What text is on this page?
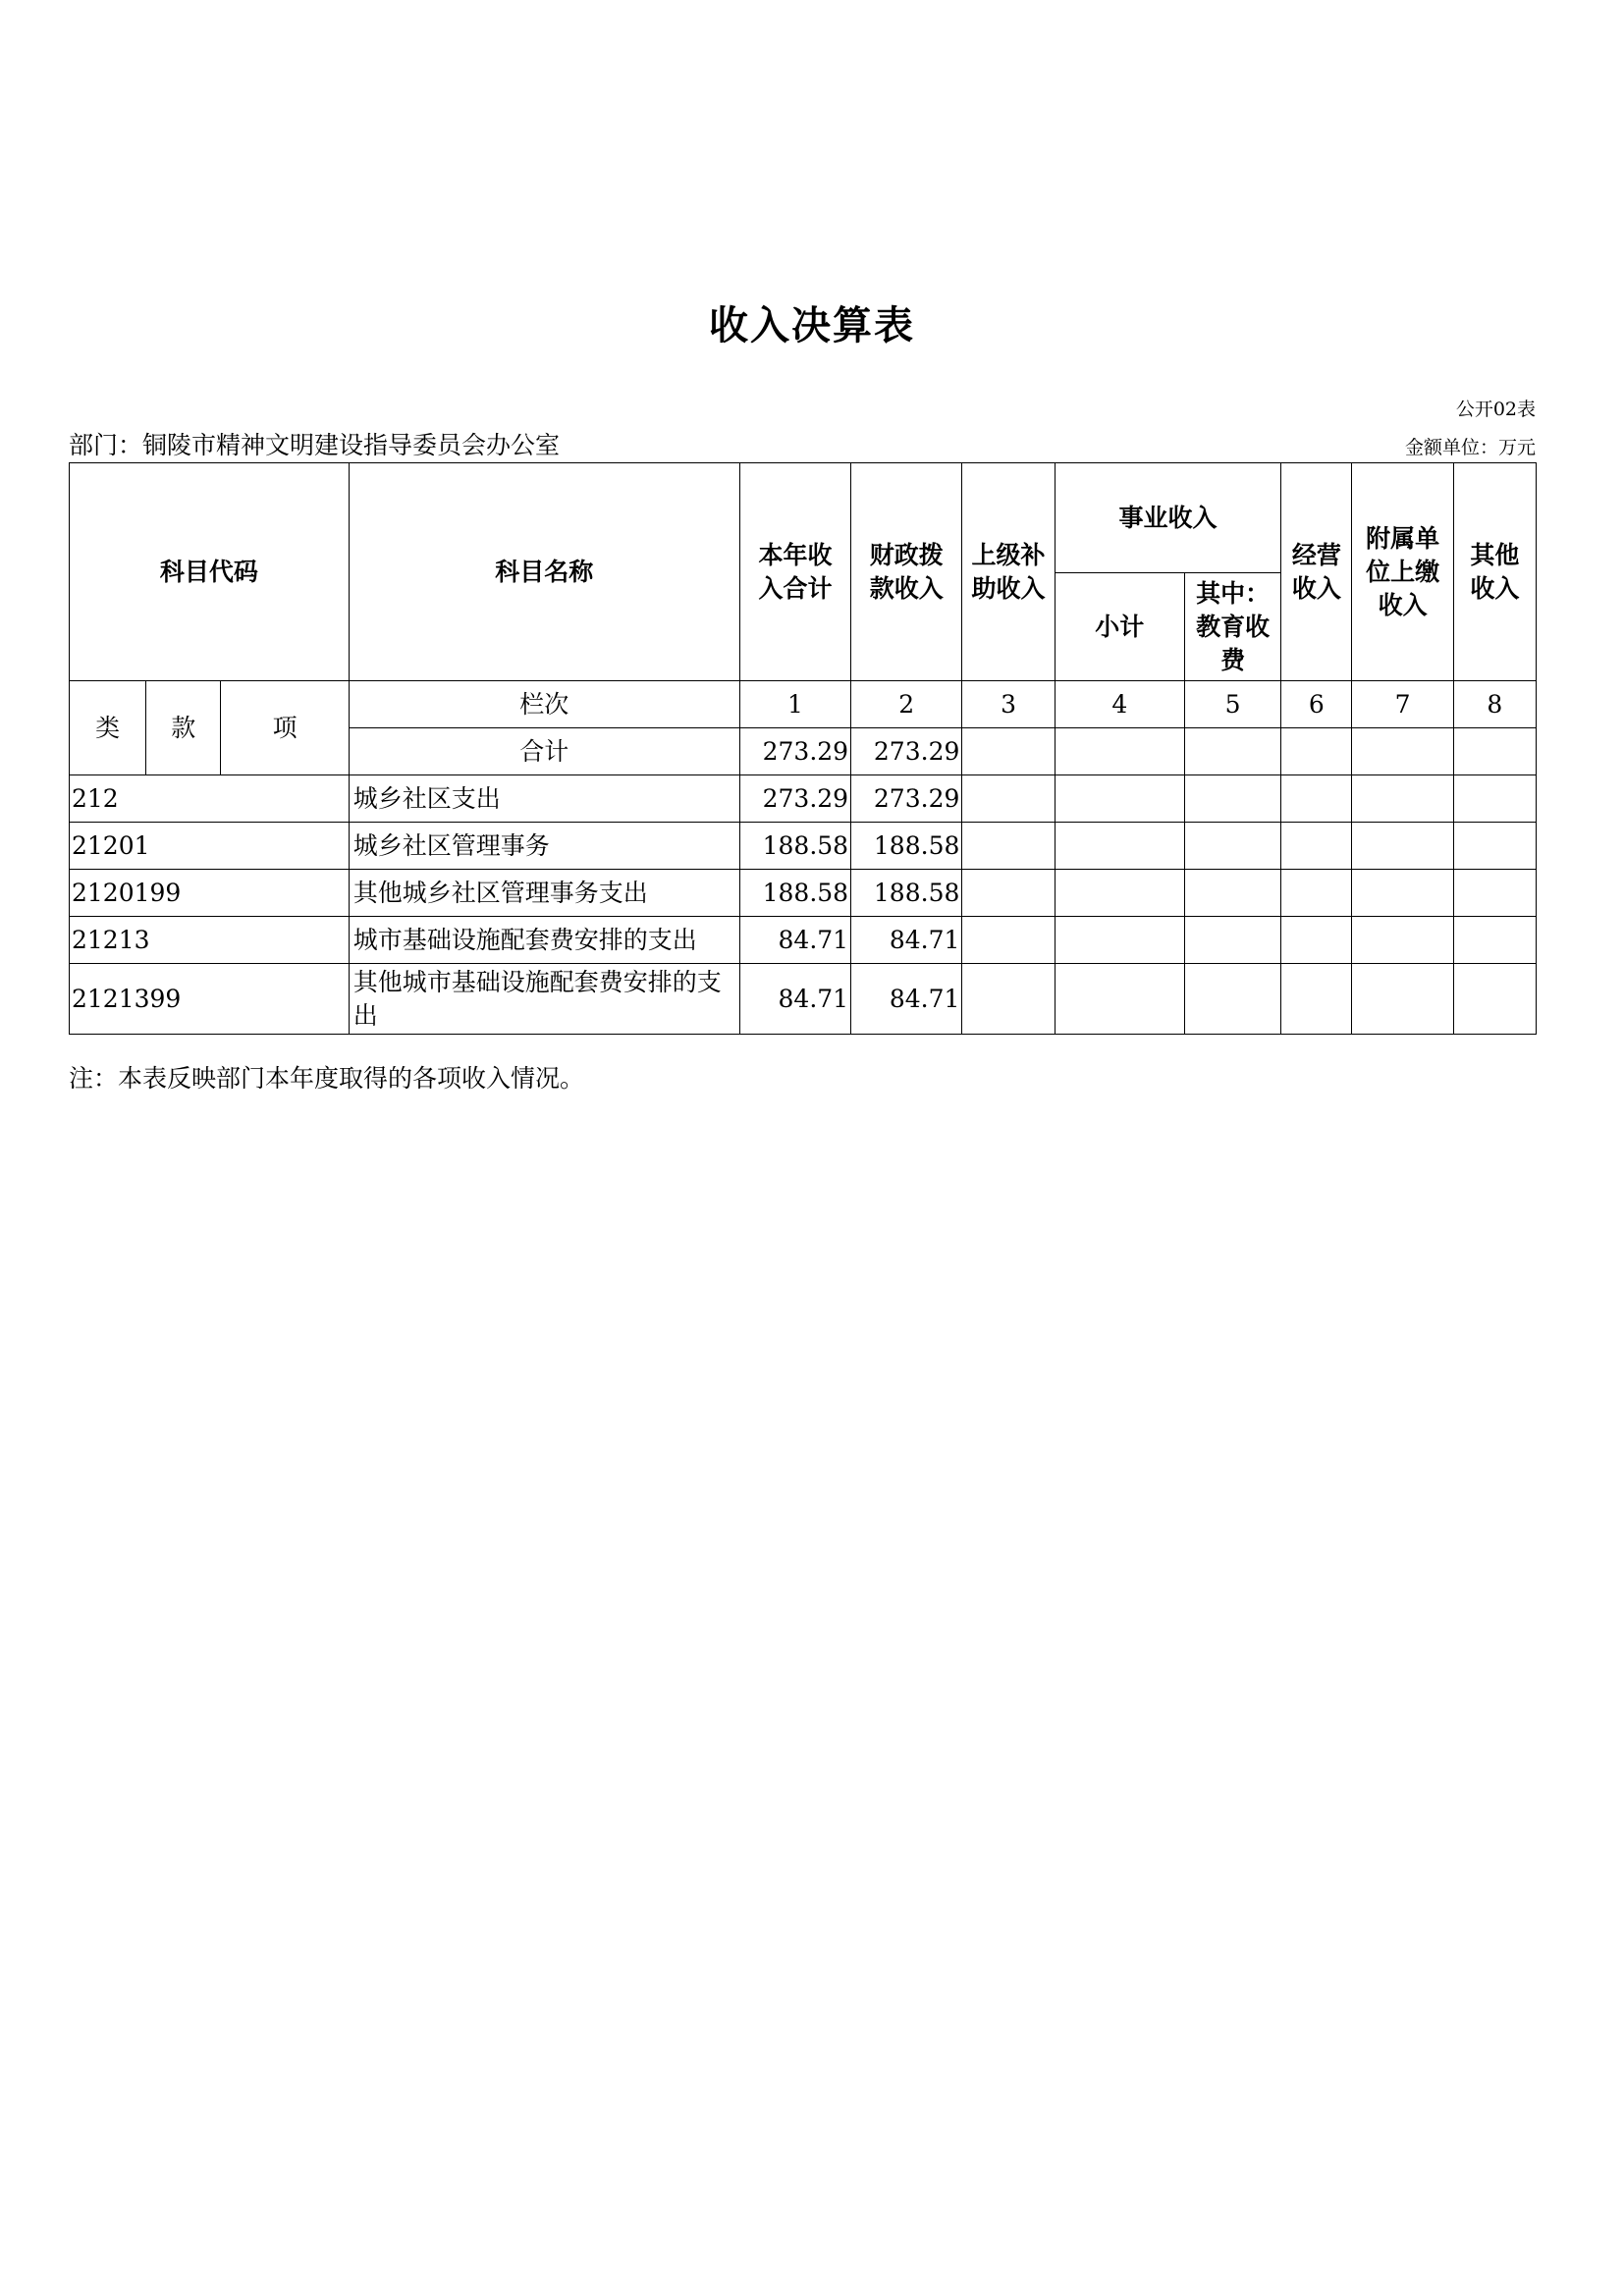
收入决算表
公开02表
部门：铜陵市精神文明建设指导委员会办公室	金额单位：万元
科目代码			科目名称	本年收入合计	财政拨款收入	上级补助收入	事业收入		经营收入	附属单位上缴收入	其他收入
							小计	其中：教育收费			
类	款	项	栏次	1	2	3	4	5	6	7	8
			合计	273.29	273.29						
212			城乡社区支出	273.29	273.29						
21201			城乡社区管理事务	188.58	188.58						
2120199			其他城乡社区管理事务支出	188.58	188.58						
21213			城市基础设施配套费安排的支出	84.71	84.71						
2121399			其他城市基础设施配套费安排的支出	84.71	84.71						
注：本表反映部门本年度取得的各项收入情况。
